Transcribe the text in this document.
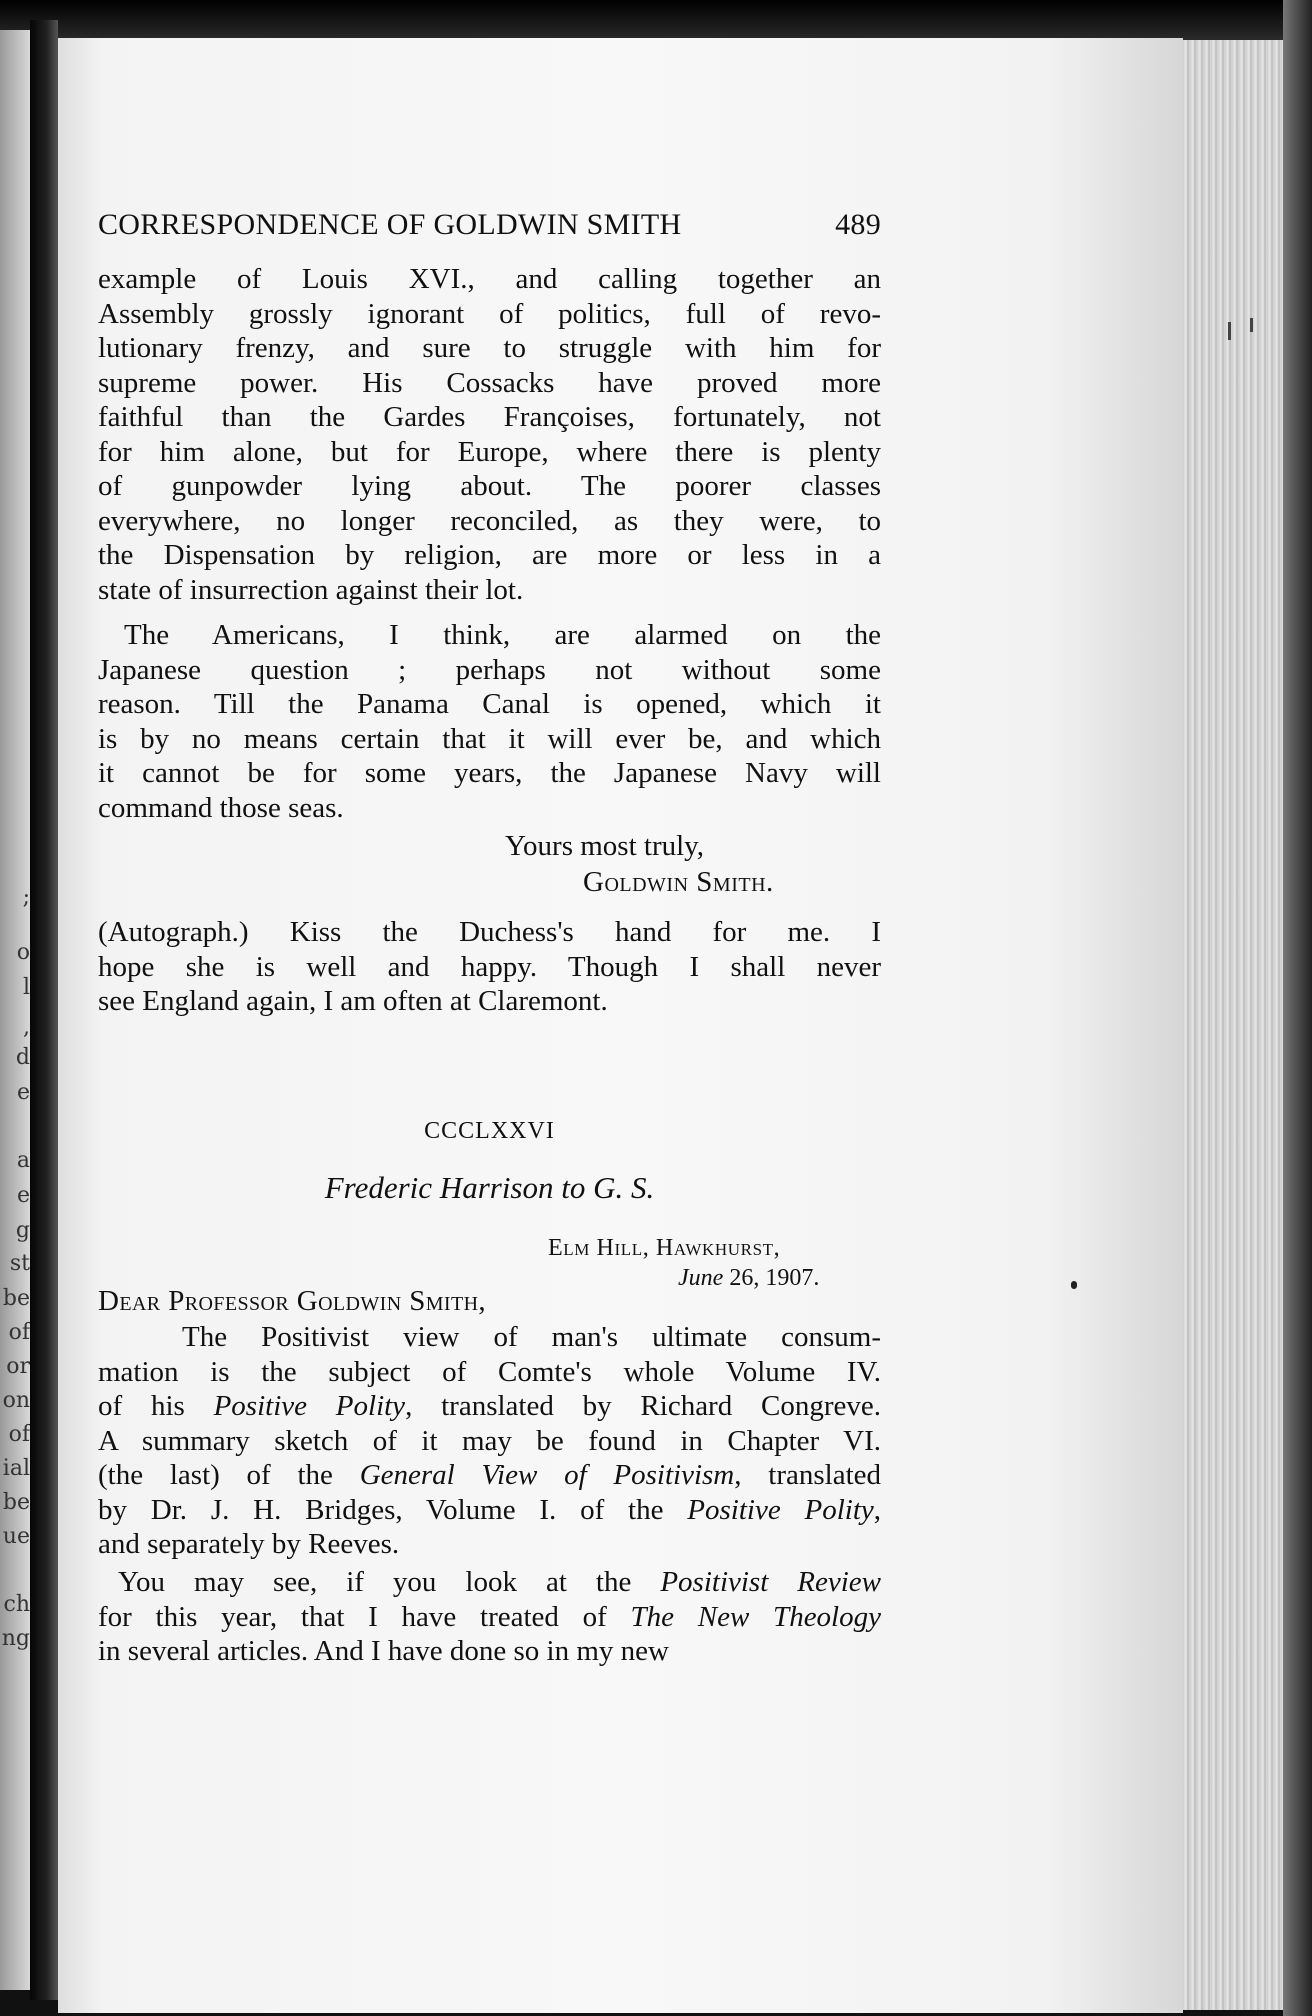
;
o
l
,
d
e
a
e
g
st
be
of
or
on
of
ial
be
ue
ch
ng
CORRESPONDENCE OF GOLDWIN SMITH	489
example of Louis XVI., and calling together an
Assembly grossly ignorant of politics, full of revo-
lutionary frenzy, and sure to struggle with him for
supreme power. His Cossacks have proved more
faithful than the Gardes Françoises, fortunately, not
for him alone, but for Europe, where there is plenty
of gunpowder lying about. The poorer classes
everywhere, no longer reconciled, as they were, to
the Dispensation by religion, are more or less in a
state of insurrection against their lot.
The Americans, I think, are alarmed on the
Japanese question ; perhaps not without some
reason. Till the Panama Canal is opened, which it
is by no means certain that it will ever be, and which
it cannot be for some years, the Japanese Navy will
command those seas.
Yours most truly,
Goldwin Smith.
(Autograph.) Kiss the Duchess's hand for me. I
hope she is well and happy. Though I shall never
see England again, I am often at Claremont.
CCCLXXVI
Frederic Harrison to G. S.
Elm Hill, Hawkhurst,
June 26, 1907.
Dear Professor Goldwin Smith,
The Positivist view of man's ultimate consum-
mation is the subject of Comte's whole Volume IV.
of his Positive Polity, translated by Richard Congreve.
A summary sketch of it may be found in Chapter VI.
(the last) of the General View of Positivism, translated
by Dr. J. H. Bridges, Volume I. of the Positive Polity,
and separately by Reeves.
You may see, if you look at the Positivist Review
for this year, that I have treated of The New Theology
in several articles. And I have done so in my new
